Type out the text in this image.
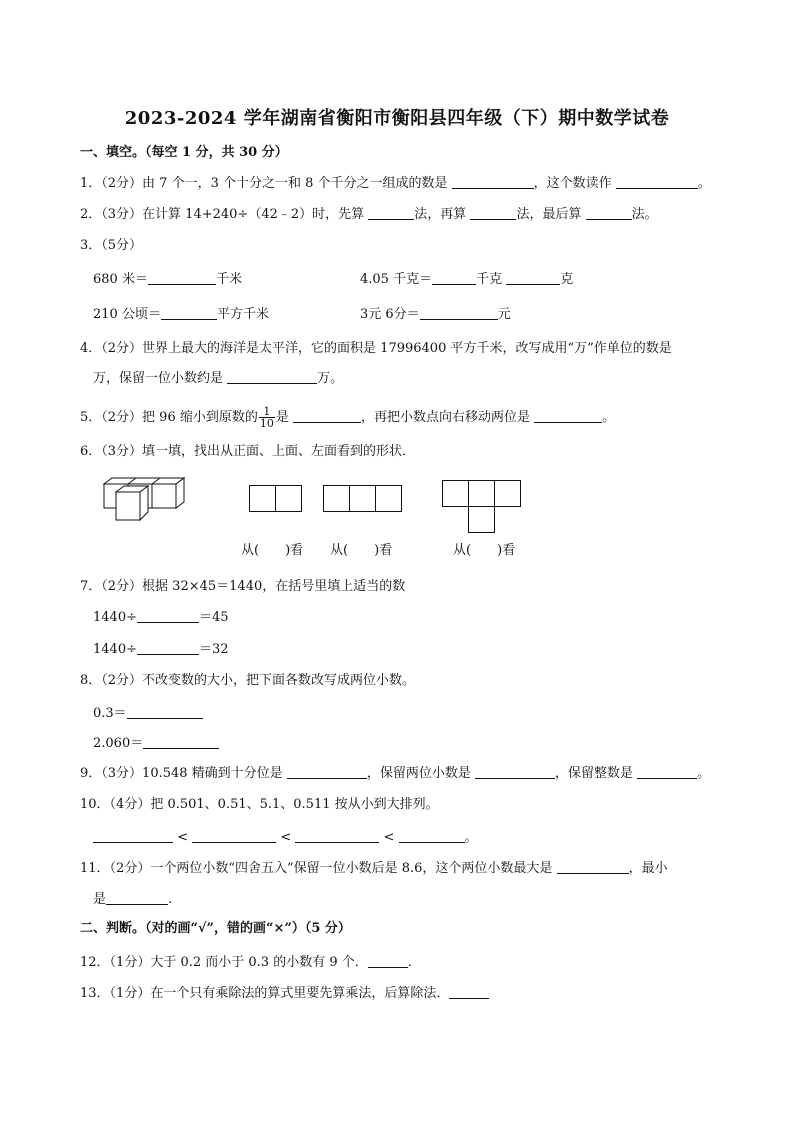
2023-2024 学年湖南省衡阳市衡阳县四年级（下）期中数学试卷
一、填空。（每空 1 分，共 30 分）
1．（2分）由 7 个一，3 个十分之一和 8 个千分之一组成的数是	，这个数读作	。
2．（3分）在计算 14+240÷（42﹣2）时，先算	法，再算	法，最后算	法。
3．（5分）
680 米＝	千米	4.05 千克＝	千克	克
210 公顷＝	平方千米	3元 6分＝	元
4．（2分）世界上最大的海洋是太平洋，它的面积是 17996400 平方千米，改写成用“万”作单位的数是
万，保留一位小数约是	万。
5．（2分）把 96 缩小到原数的 $\frac{1}{10}$ 是	，再把小数点向右移动两位是	。
6．（3分）填一填，找出从正面、上面、左面看到的形状．
从(　　)看 从(　　)看	从(　　)看
7．（2分）根据 32×45＝1440，在括号里填上适当的数
1440÷	＝45
1440÷	＝32
8．（2分）不改变数的大小，把下面各数改写成两位小数。
0.3＝
2.060＝
9．（3分）10.548 精确到十分位是	，保留两位小数是	，保留整数是	。
10．（4分）把 0.501、0.51、5.1、0.511 按从小到大排列。
<	<	<	。
11．（2分）一个两位小数“四舍五入”保留一位小数后是 8.6，这个两位小数最大是	，最小
是	.
二、判断。（对的画“√”，错的画“×”）（5 分）
12．（1分）大于 0.2 而小于 0.3 的小数有 9 个．	.
13．（1分）在一个只有乘除法的算式里要先算乘法，后算除法．
